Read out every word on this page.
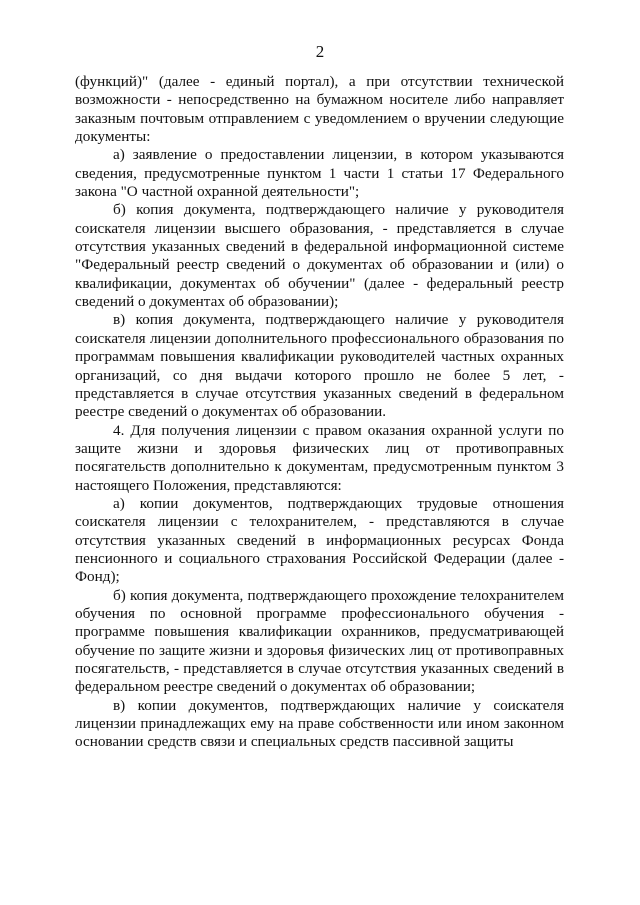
2

(функций)" (далее - единый портал), а при отсутствии технической возможности - непосредственно на бумажном носителе либо направляет заказным почтовым отправлением с уведомлением о вручении следующие документы:

а) заявление о предоставлении лицензии, в котором указываются сведения, предусмотренные пунктом 1 части 1 статьи 17 Федерального закона "О частной охранной деятельности";

б) копия документа, подтверждающего наличие у руководителя соискателя лицензии высшего образования, - представляется в случае отсутствия указанных сведений в федеральной информационной системе "Федеральный реестр сведений о документах об образовании и (или) о квалификации, документах об обучении" (далее - федеральный реестр сведений о документах об образовании);

в) копия документа, подтверждающего наличие у руководителя соискателя лицензии дополнительного профессионального образования по программам повышения квалификации руководителей частных охранных организаций, со дня выдачи которого прошло не более 5 лет, - представляется в случае отсутствия указанных сведений в федеральном реестре сведений о документах об образовании.

4. Для получения лицензии с правом оказания охранной услуги по защите жизни и здоровья физических лиц от противоправных посягательств дополнительно к документам, предусмотренным пунктом 3 настоящего Положения, представляются:

а) копии документов, подтверждающих трудовые отношения соискателя лицензии с телохранителем, - представляются в случае отсутствия указанных сведений в информационных ресурсах Фонда пенсионного и социального страхования Российской Федерации (далее - Фонд);

б) копия документа, подтверждающего прохождение телохранителем обучения по основной программе профессионального обучения - программе повышения квалификации охранников, предусматривающей обучение по защите жизни и здоровья физических лиц от противоправных посягательств, - представляется в случае отсутствия указанных сведений в федеральном реестре сведений о документах об образовании;

в) копии документов, подтверждающих наличие у соискателя лицензии принадлежащих ему на праве собственности или ином законном основании средств связи и специальных средств пассивной защиты
